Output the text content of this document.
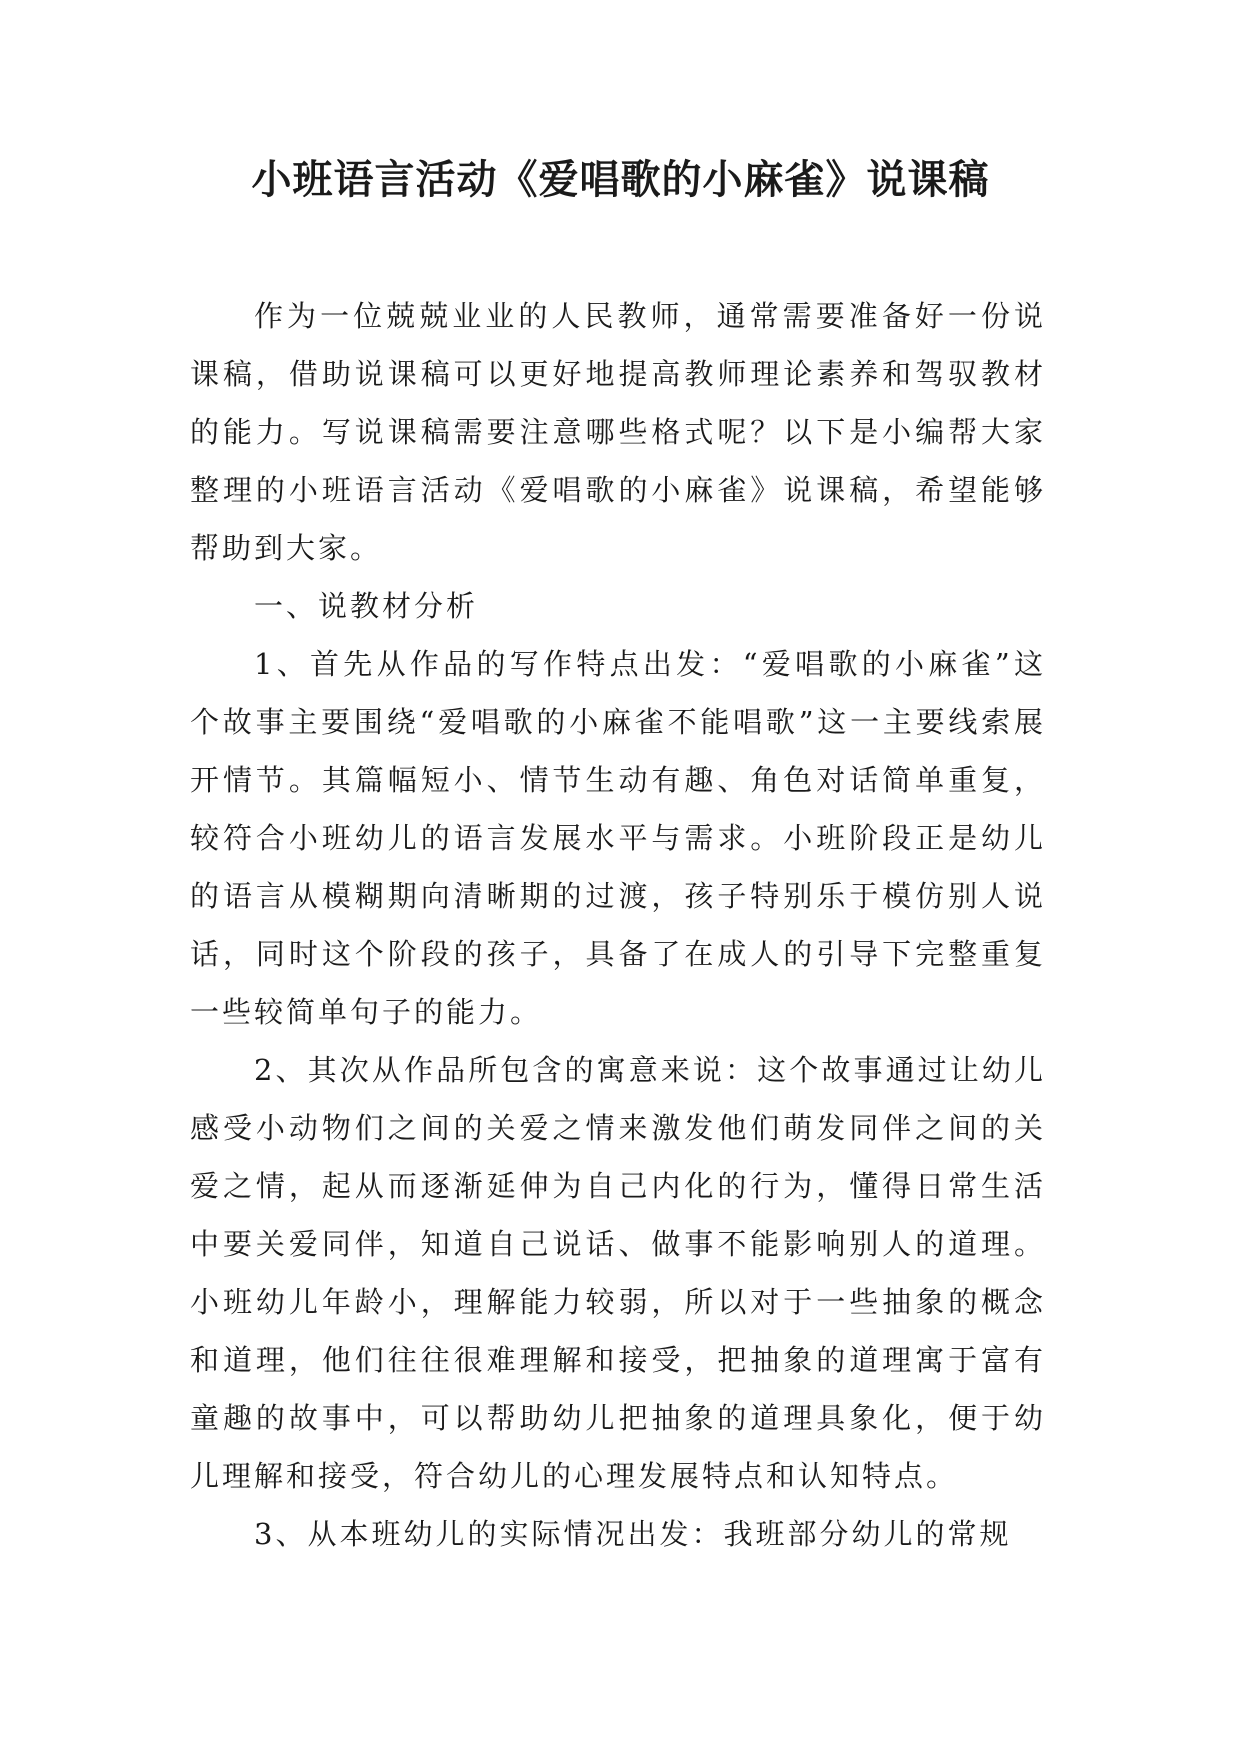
小班语言活动《爱唱歌的小麻雀》说课稿

作为一位兢兢业业的人民教师，通常需要准备好一份说课稿，借助说课稿可以更好地提高教师理论素养和驾驭教材的能力。写说课稿需要注意哪些格式呢？以下是小编帮大家整理的小班语言活动《爱唱歌的小麻雀》说课稿，希望能够帮助到大家。

一、说教材分析

1、首先从作品的写作特点出发：“爱唱歌的小麻雀”这个故事主要围绕“爱唱歌的小麻雀不能唱歌”这一主要线索展开情节。其篇幅短小、情节生动有趣、角色对话简单重复，较符合小班幼儿的语言发展水平与需求。小班阶段正是幼儿的语言从模糊期向清晰期的过渡，孩子特别乐于模仿别人说话，同时这个阶段的孩子，具备了在成人的引导下完整重复一些较简单句子的能力。

2、其次从作品所包含的寓意来说：这个故事通过让幼儿感受小动物们之间的关爱之情来激发他们萌发同伴之间的关爱之情，起从而逐渐延伸为自己内化的行为，懂得日常生活中要关爱同伴，知道自己说话、做事不能影响别人的道理。小班幼儿年龄小，理解能力较弱，所以对于一些抽象的概念和道理，他们往往很难理解和接受，把抽象的道理寓于富有童趣的故事中，可以帮助幼儿把抽象的道理具象化，便于幼儿理解和接受，符合幼儿的心理发展特点和认知特点。

3、从本班幼儿的实际情况出发：我班部分幼儿的常规
